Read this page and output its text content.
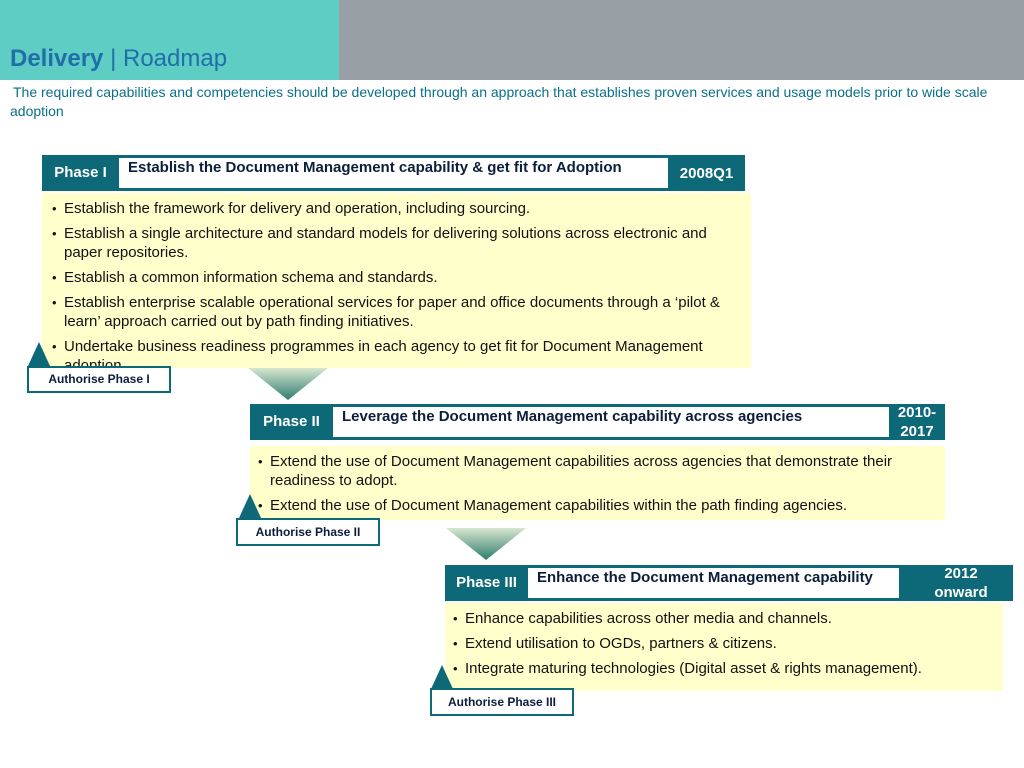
Delivery | Roadmap
The required capabilities and competencies should be developed through an approach that establishes proven services and usage models prior to wide scale adoption
Phase I	Establish the Document Management capability & get fit for Adoption	2008Q1
• Establish the framework for delivery and operation, including sourcing.
• Establish a single architecture and standard models for delivering solutions across electronic and paper repositories.
• Establish a common information schema and standards.
• Establish enterprise scalable operational services for paper and office documents through a ‘pilot & learn’ approach carried out by path finding initiatives.
• Undertake business readiness programmes in each agency to get fit for Document Management
Authorise Phase I
Phase II	Leverage the Document Management capability across agencies	2010-2017
• Extend the use of Document Management capabilities across agencies that demonstrate their readiness to adopt.
• Extend the use of Document Management capabilities within the path finding agencies.
Authorise Phase II
Phase III	Enhance the Document Management capability	2012 onward
• Enhance capabilities across other media and channels.
• Extend utilisation to OGDs, partners & citizens.
• Integrate maturing technologies (Digital asset & rights management).
Authorise Phase III
